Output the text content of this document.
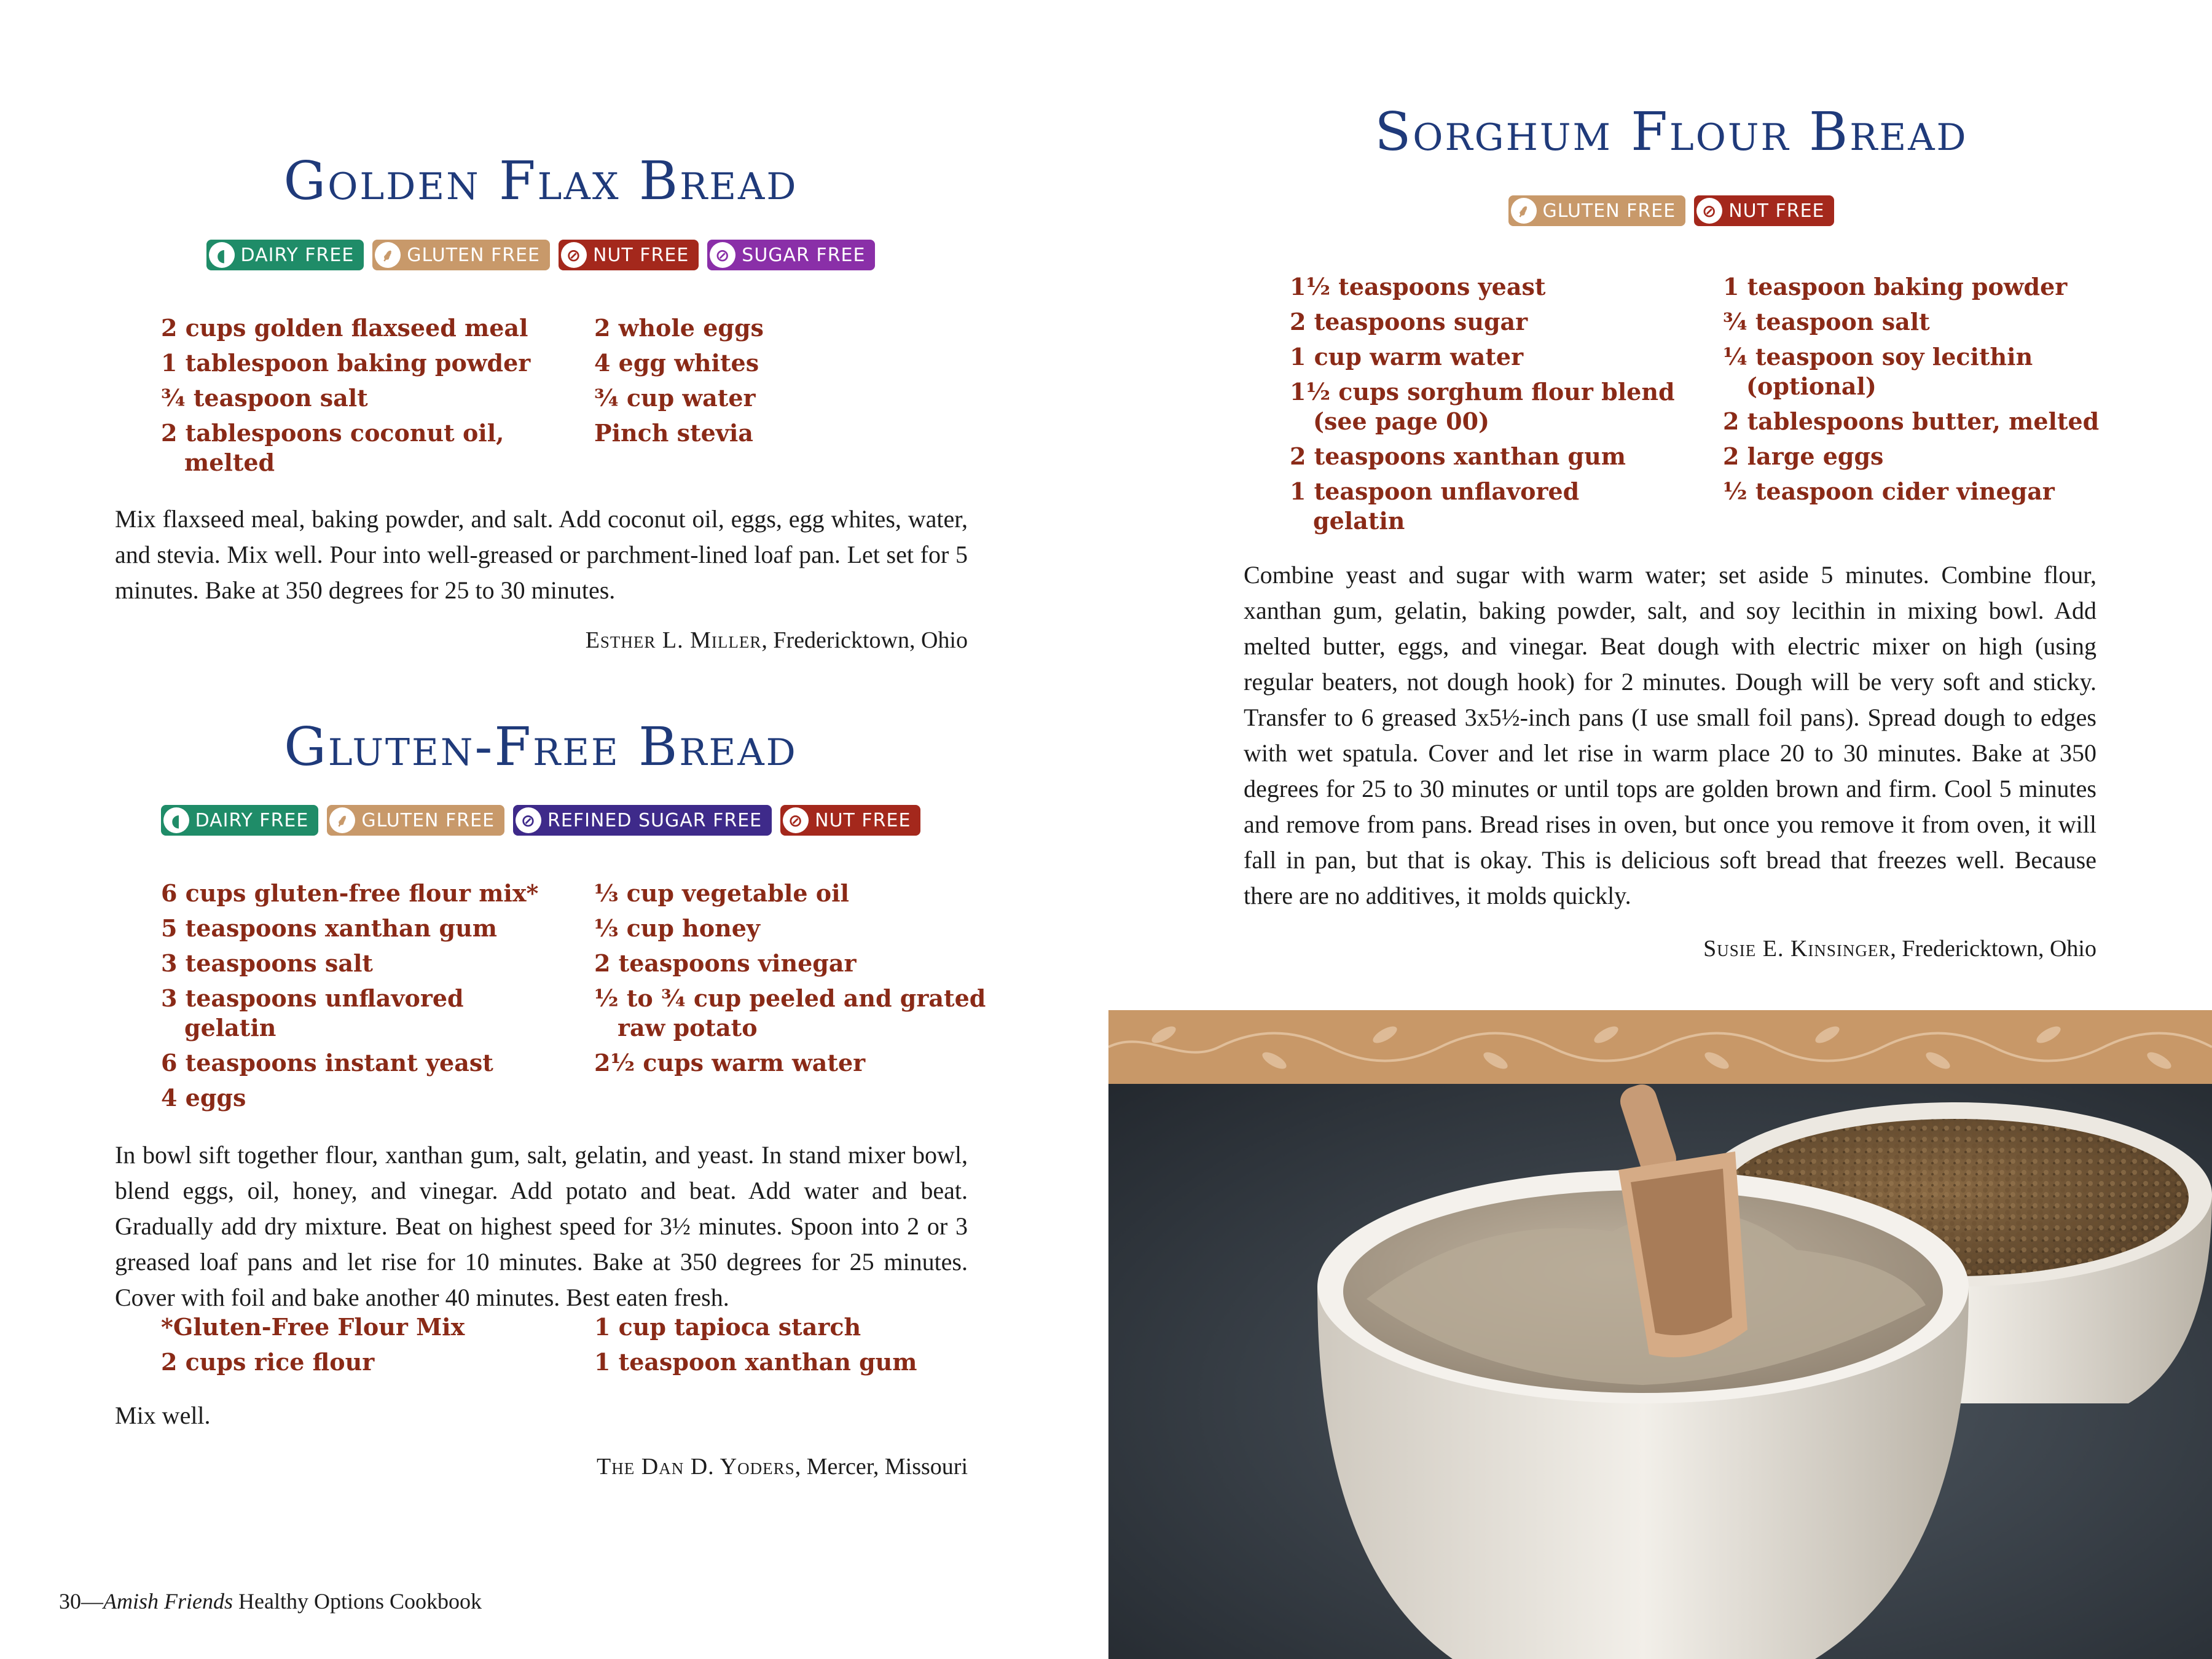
Golden Flax Bread
◖ DAIRY FREE	⸙ GLUTEN FREE	⊘ NUT FREE	⊘ SUGAR FREE
2 cups golden flaxseed meal
1 tablespoon baking powder
¾ teaspoon salt
2 tablespoons coconut oil, melted
2 whole eggs
4 egg whites
¾ cup water
Pinch stevia

Mix flaxseed meal, baking powder, and salt. Add coconut oil, eggs, egg whites, water, and stevia. Mix well. Pour into well-greased or parchment-lined loaf pan. Let set for 5 minutes. Bake at 350 degrees for 25 to 30 minutes.

Esther L. Miller, Fredericktown, Ohio

Gluten-Free Bread
◖ DAIRY FREE	⸙ GLUTEN FREE	⊘ REFINED SUGAR FREE	⊘ NUT FREE
6 cups gluten-free flour mix*
5 teaspoons xanthan gum
3 teaspoons salt
3 teaspoons unflavored gelatin
6 teaspoons instant yeast
4 eggs
⅓ cup vegetable oil
⅓ cup honey
2 teaspoons vinegar
½ to ¾ cup peeled and grated raw potato
2½ cups warm water

In bowl sift together flour, xanthan gum, salt, gelatin, and yeast. In stand mixer bowl, blend eggs, oil, honey, and vinegar. Add potato and beat. Add water and beat. Gradually add dry mixture. Beat on highest speed for 3½ minutes. Spoon into 2 or 3 greased loaf pans and let rise for 10 minutes. Bake at 350 degrees for 25 minutes. Cover with foil and bake another 40 minutes. Best eaten fresh.

*Gluten-Free Flour Mix
2 cups rice flour
1 cup tapioca starch
1 teaspoon xanthan gum

Mix well.

The Dan D. Yoders, Mercer, Missouri

30—Amish Friends Healthy Options Cookbook
Sorghum Flour Bread
⸙ GLUTEN FREE	⊘ NUT FREE
1½ teaspoons yeast
2 teaspoons sugar
1 cup warm water
1½ cups sorghum flour blend (see page 00)
2 teaspoons xanthan gum
1 teaspoon unflavored gelatin
1 teaspoon baking powder
¾ teaspoon salt
¼ teaspoon soy lecithin (optional)
2 tablespoons butter, melted
2 large eggs
½ teaspoon cider vinegar

Combine yeast and sugar with warm water; set aside 5 minutes. Combine flour, xanthan gum, gelatin, baking powder, salt, and soy lecithin in mixing bowl. Add melted butter, eggs, and vinegar. Beat dough with electric mixer on high (using regular beaters, not dough hook) for 2 minutes. Dough will be very soft and sticky. Transfer to 6 greased 3x5½-inch pans (I use small foil pans). Spread dough to edges with wet spatula. Cover and let rise in warm place 20 to 30 minutes. Bake at 350 degrees for 25 to 30 minutes or until tops are golden brown and firm. Cool 5 minutes and remove from pans. Bread rises in oven, but once you remove it from oven, it will fall in pan, but that is okay. This is delicious soft bread that freezes well. Because there are no additives, it molds quickly.

Susie E. Kinsinger, Fredericktown, Ohio
